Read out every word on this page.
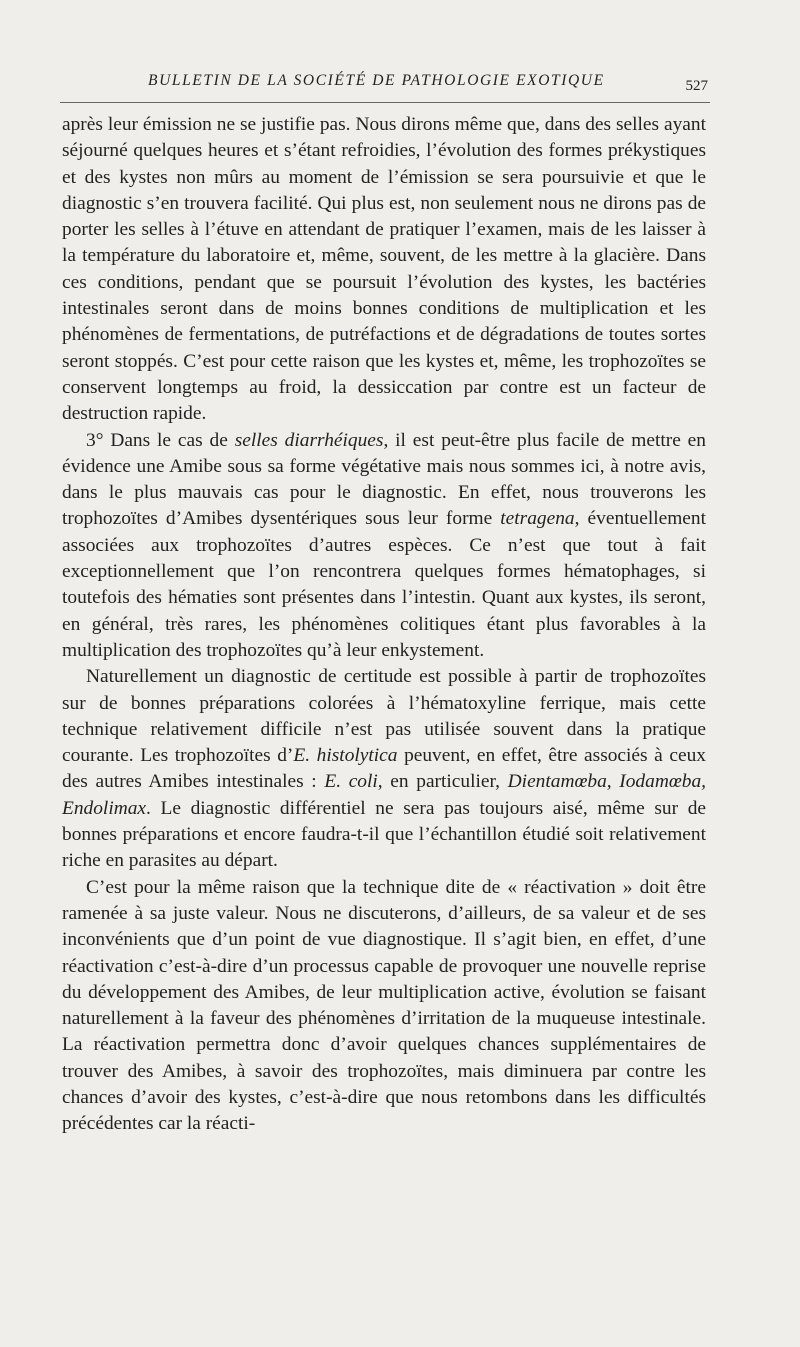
BULLETIN DE LA SOCIÉTÉ DE PATHOLOGIE EXOTIQUE	527

après leur émission ne se justifie pas. Nous dirons même que, dans des selles ayant séjourné quelques heures et s’étant refroidies, l’évolution des formes prékystiques et des kystes non mûrs au moment de l’émission se sera poursuivie et que le diagnostic s’en trouvera facilité. Qui plus est, non seulement nous ne dirons pas de porter les selles à l’étuve en attendant de pratiquer l’examen, mais de les laisser à la température du laboratoire et, même, souvent, de les mettre à la glacière. Dans ces conditions, pendant que se poursuit l’évolution des kystes, les bactéries intestinales seront dans de moins bonnes conditions de multiplication et les phénomènes de fermentations, de putréfactions et de dégradations de toutes sortes seront stoppés. C’est pour cette raison que les kystes et, même, les trophozoïtes se conservent longtemps au froid, la dessiccation par contre est un facteur de destruction rapide.

3° Dans le cas de selles diarrhéiques, il est peut-être plus facile de mettre en évidence une Amibe sous sa forme végétative mais nous sommes ici, à notre avis, dans le plus mauvais cas pour le diagnostic. En effet, nous trouverons les trophozoïtes d’Amibes dysentériques sous leur forme tetragena, éventuellement associées aux trophozoïtes d’autres espèces. Ce n’est que tout à fait exceptionnellement que l’on rencontrera quelques formes hématophages, si toutefois des hématies sont présentes dans l’intestin. Quant aux kystes, ils seront, en général, très rares, les phénomènes colitiques étant plus favorables à la multiplication des trophozoïtes qu’à leur enkystement.

Naturellement un diagnostic de certitude est possible à partir de trophozoïtes sur de bonnes préparations colorées à l’hématoxyline ferrique, mais cette technique relativement difficile n’est pas utilisée souvent dans la pratique courante. Les trophozoïtes d’E. histolytica peuvent, en effet, être associés à ceux des autres Amibes intestinales : E. coli, en particulier, Dientamœba, Iodamœba, Endolimax. Le diagnostic différentiel ne sera pas toujours aisé, même sur de bonnes préparations et encore faudra-t-il que l’échantillon étudié soit relativement riche en parasites au départ.

C’est pour la même raison que la technique dite de « réactivation » doit être ramenée à sa juste valeur. Nous ne discuterons, d’ailleurs, de sa valeur et de ses inconvénients que d’un point de vue diagnostique. Il s’agit bien, en effet, d’une réactivation c’est-à-dire d’un processus capable de provoquer une nouvelle reprise du développement des Amibes, de leur multiplication active, évolution se faisant naturellement à la faveur des phénomènes d’irritation de la muqueuse intestinale. La réactivation permettra donc d’avoir quelques chances supplémentaires de trouver des Amibes, à savoir des trophozoïtes, mais diminuera par contre les chances d’avoir des kystes, c’est-à-dire que nous retombons dans les difficultés précédentes car la réacti-
